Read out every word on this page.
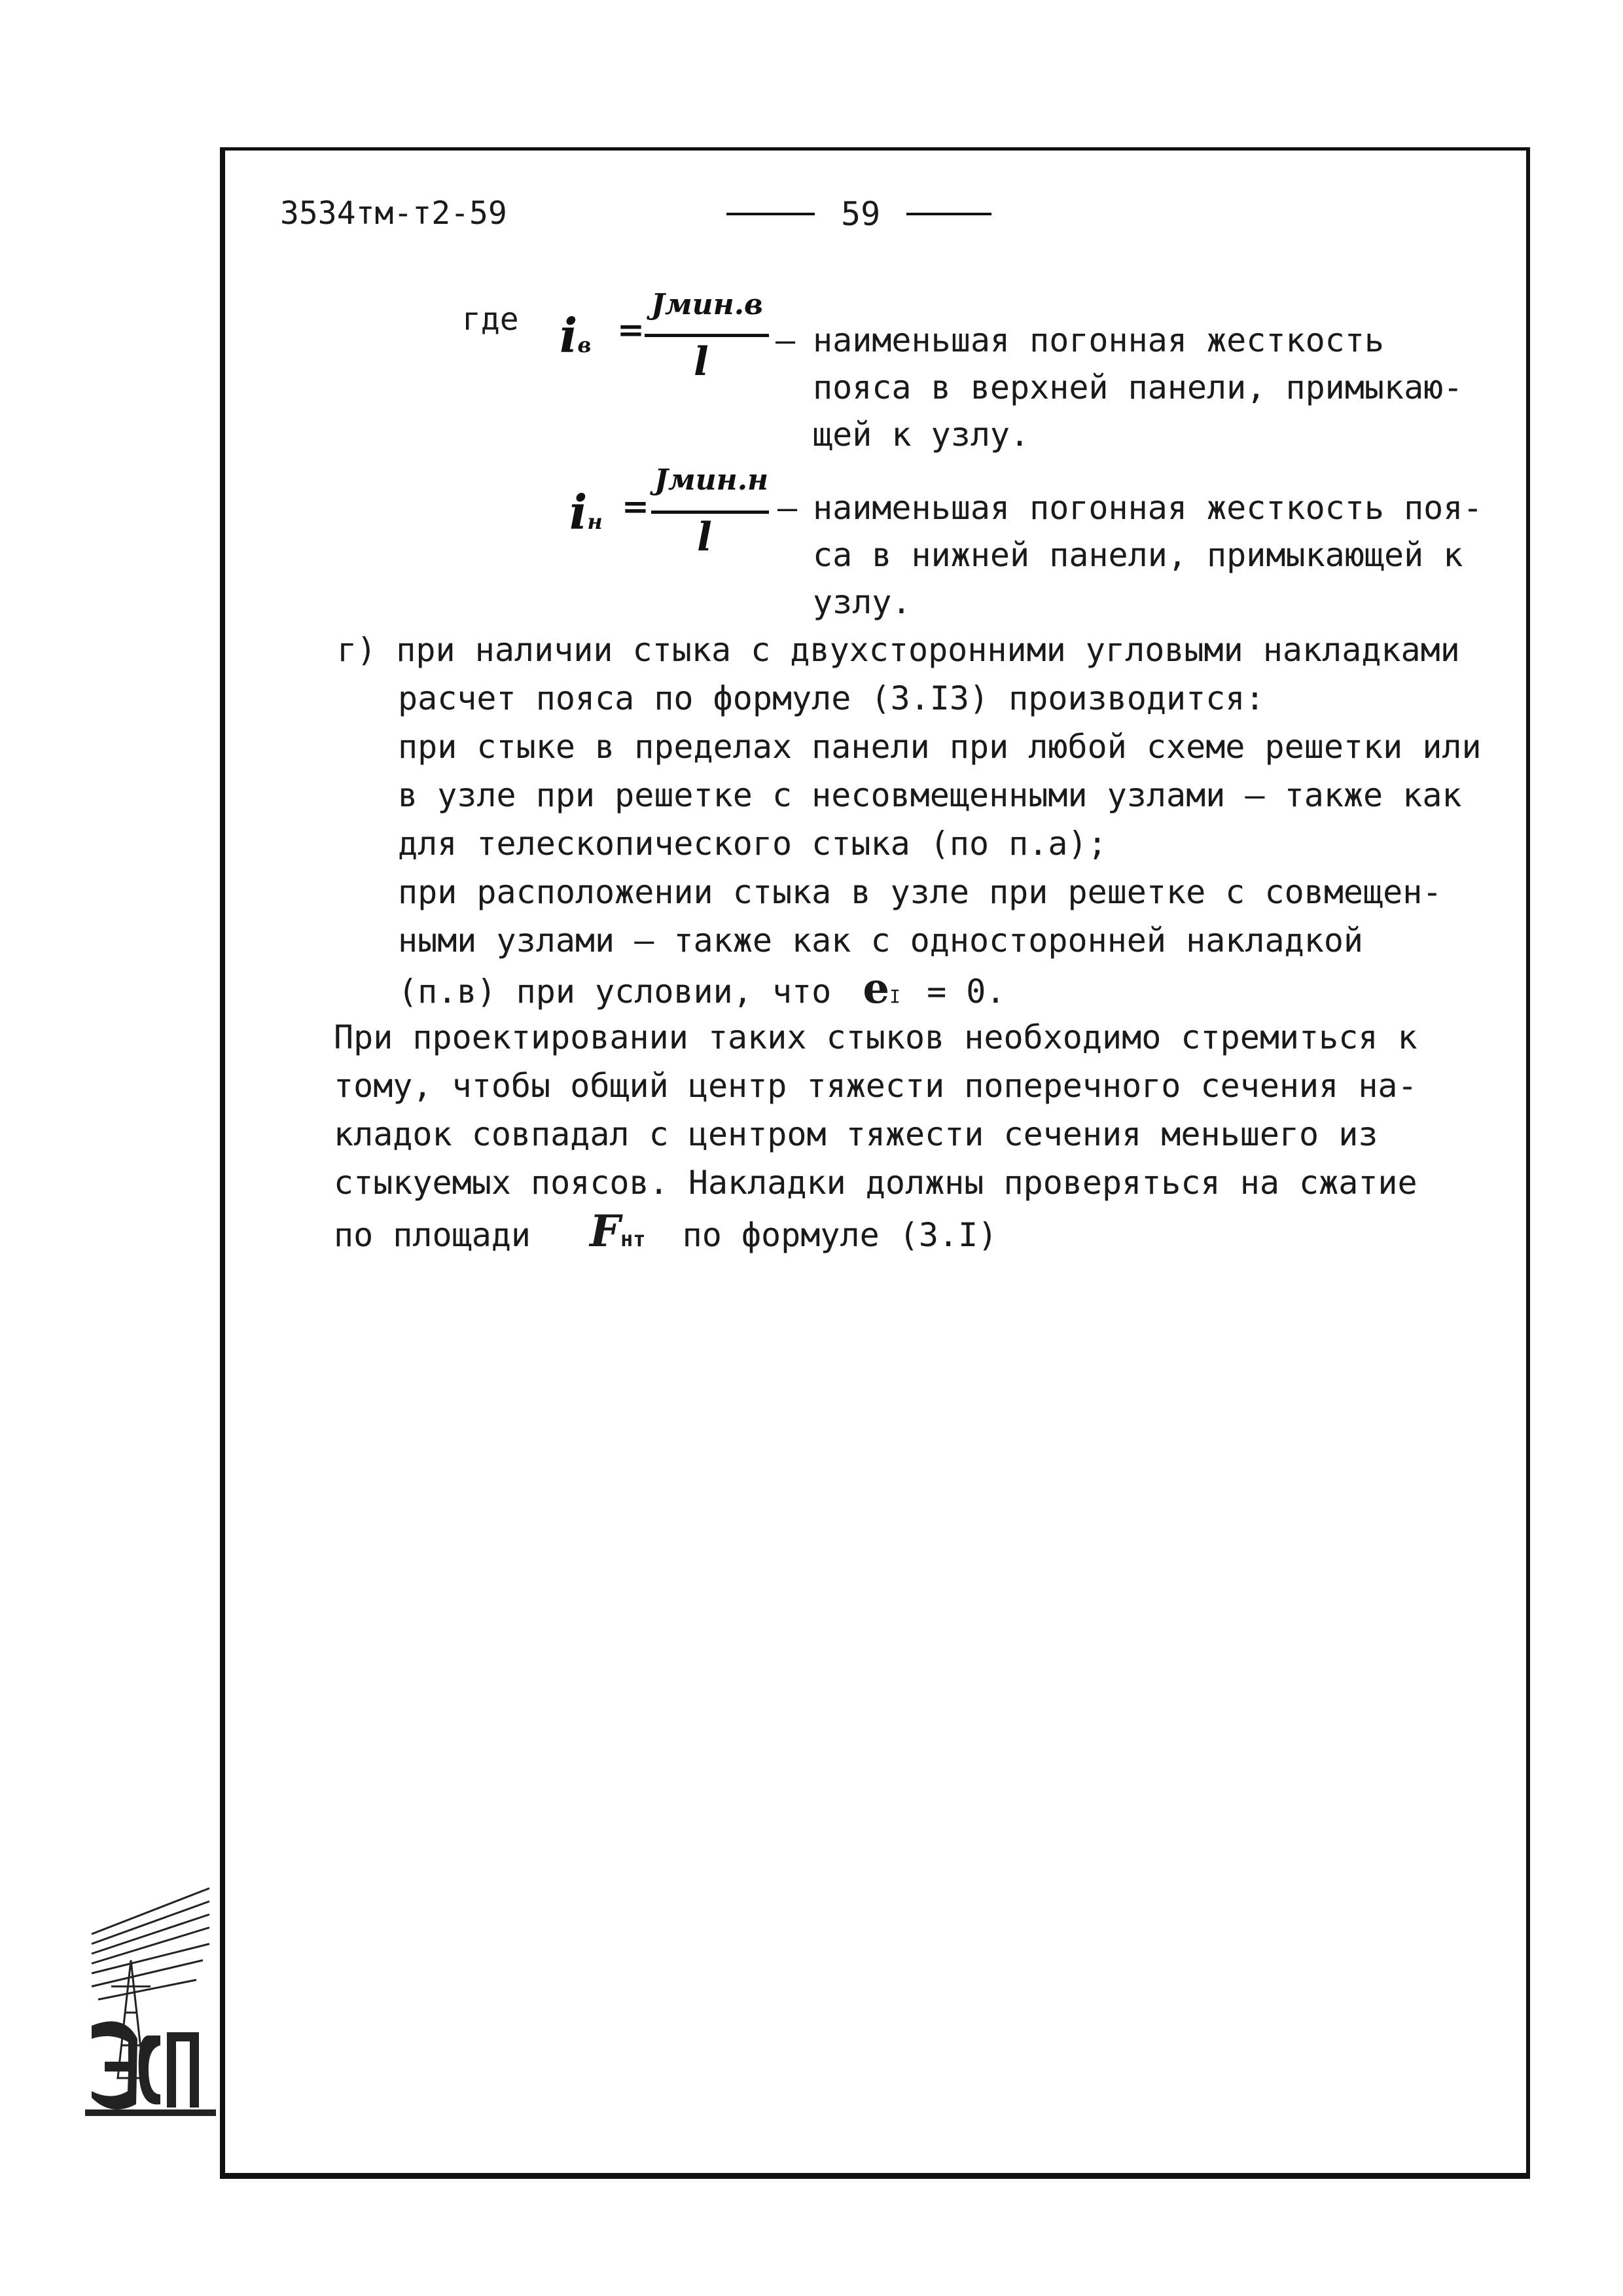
3534тм-т2-59	59
где iв =
Jмин.в
l – наименьшая погонная жесткость
пояса в верхней панели, примыкаю-
щей к узлу.
iн =
Jмин.н
l
– наименьшая погонная жесткость поя-
са в нижней панели, примыкающей к
узлу.
г) при наличии стыка с двухсторонними угловыми накладками
расчет пояса по формуле (3.I3) производится:
при стыке в пределах панели при любой схеме решетки или
в узле при решетке с несовмещенными узлами – также как
для телескопического стыка (по п.а);
при расположении стыка в узле при решетке с совмещен-
ными узлами – также как с односторонней накладкой
(п.в) при условии, что eI = 0.
При проектировании таких стыков необходимо стремиться к
тому, чтобы общий центр тяжести поперечного сечения на-
кладок совпадал с центром тяжести сечения меньшего из
стыкуемых поясов. Накладки должны проверяться на сжатие
по площади Fнт по формуле (3.I)
